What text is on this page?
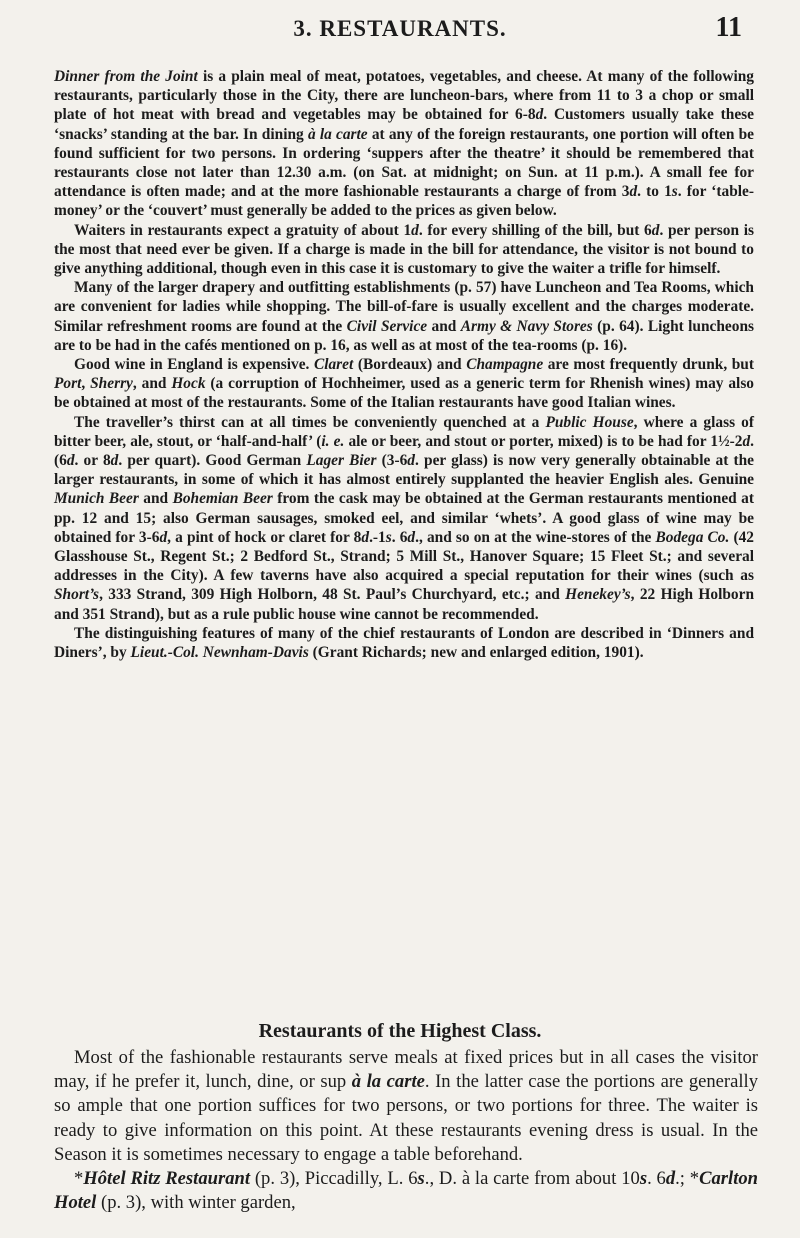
3. RESTAURANTS.	11

Dinner from the Joint is a plain meal of meat, potatoes, vegetables, and cheese. At many of the following restaurants, particularly those in the City, there are luncheon-bars, where from 11 to 3 a chop or small plate of hot meat with bread and vegetables may be obtained for 6-8d. Customers usually take these ‘snacks’ standing at the bar. In dining à la carte at any of the foreign restaurants, one portion will often be found sufficient for two persons. In ordering ‘suppers after the theatre’ it should be remembered that restaurants close not later than 12.30 a.m. (on Sat. at midnight; on Sun. at 11 p.m.). A small fee for attendance is often made; and at the more fashionable restaurants a charge of from 3d. to 1s. for ‘table-money’ or the ‘couvert’ must generally be added to the prices as given below.

Waiters in restaurants expect a gratuity of about 1d. for every shilling of the bill, but 6d. per person is the most that need ever be given. If a charge is made in the bill for attendance, the visitor is not bound to give anything additional, though even in this case it is customary to give the waiter a trifle for himself.

Many of the larger drapery and outfitting establishments (p. 57) have Luncheon and Tea Rooms, which are convenient for ladies while shopping. The bill-of-fare is usually excellent and the charges moderate. Similar refreshment rooms are found at the Civil Service and Army & Navy Stores (p. 64). Light luncheons are to be had in the cafés mentioned on p. 16, as well as at most of the tea-rooms (p. 16).

Good wine in England is expensive. Claret (Bordeaux) and Champagne are most frequently drunk, but Port, Sherry, and Hock (a corruption of Hochheimer, used as a generic term for Rhenish wines) may also be obtained at most of the restaurants. Some of the Italian restaurants have good Italian wines.

The traveller’s thirst can at all times be conveniently quenched at a Public House, where a glass of bitter beer, ale, stout, or ‘half-and-half’ (i. e. ale or beer, and stout or porter, mixed) is to be had for 1½-2d. (6d. or 8d. per quart). Good German Lager Bier (3-6d. per glass) is now very generally obtainable at the larger restaurants, in some of which it has almost entirely supplanted the heavier English ales. Genuine Munich Beer and Bohemian Beer from the cask may be obtained at the German restaurants mentioned at pp. 12 and 15; also German sausages, smoked eel, and similar ‘whets’. A good glass of wine may be obtained for 3-6d, a pint of hock or claret for 8d.-1s. 6d., and so on at the wine-stores of the Bodega Co. (42 Glasshouse St., Regent St.; 2 Bedford St., Strand; 5 Mill St., Hanover Square; 15 Fleet St.; and several addresses in the City). A few taverns have also acquired a special reputation for their wines (such as Short’s, 333 Strand, 309 High Holborn, 48 St. Paul’s Churchyard, etc.; and Henekey’s, 22 High Holborn and 351 Strand), but as a rule public house wine cannot be recommended.

The distinguishing features of many of the chief restaurants of London are described in ‘Dinners and Diners’, by Lieut.-Col. Newnham-Davis (Grant Richards; new and enlarged edition, 1901).

Restaurants of the Highest Class.

Most of the fashionable restaurants serve meals at fixed prices but in all cases the visitor may, if he prefer it, lunch, dine, or sup à la carte. In the latter case the portions are generally so ample that one portion suffices for two persons, or two portions for three. The waiter is ready to give information on this point. At these restaurants evening dress is usual. In the Season it is sometimes necessary to engage a table beforehand.

*Hôtel Ritz Restaurant (p. 3), Piccadilly, L. 6s., D. à la carte from about 10s. 6d.; *Carlton Hotel (p. 3), with winter garden,
